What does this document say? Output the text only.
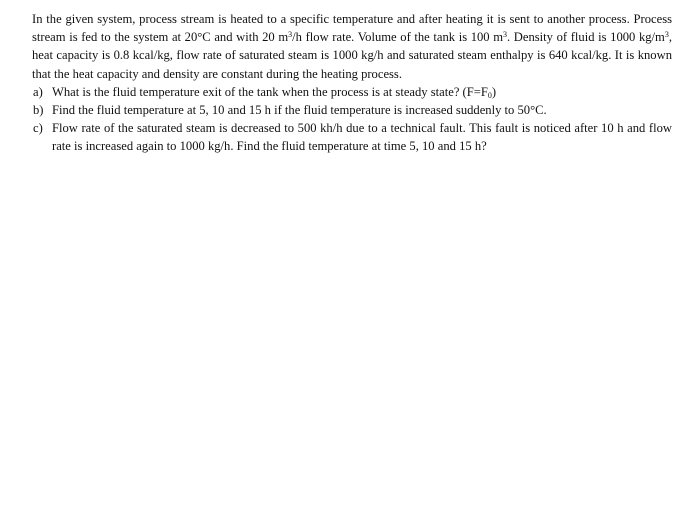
In the given system, process stream is heated to a specific temperature and after heating it is sent to another process. Process stream is fed to the system at 20°C and with 20 $m^3/h$ flow rate. Volume of the tank is 100 $m^3$. Density of fluid is 1000 $kg/m^3$, heat capacity is 0.8 kcal/kg, flow rate of saturated steam is 1000 kg/h and saturated steam enthalpy is 640 kcal/kg. It is known that the heat capacity and density are constant during the heating process.

a) What is the fluid temperature exit of the tank when the process is at steady state? $(F=F_0)$
b) Find the fluid temperature at 5, 10 and 15 h if the fluid temperature is increased suddenly to 50°C.
c) Flow rate of the saturated steam is decreased to 500 kh/h due to a technical fault. This fault is noticed after 10 h and flow rate is increased again to 1000 kg/h. Find the fluid temperature at time 5, 10 and 15 h?
